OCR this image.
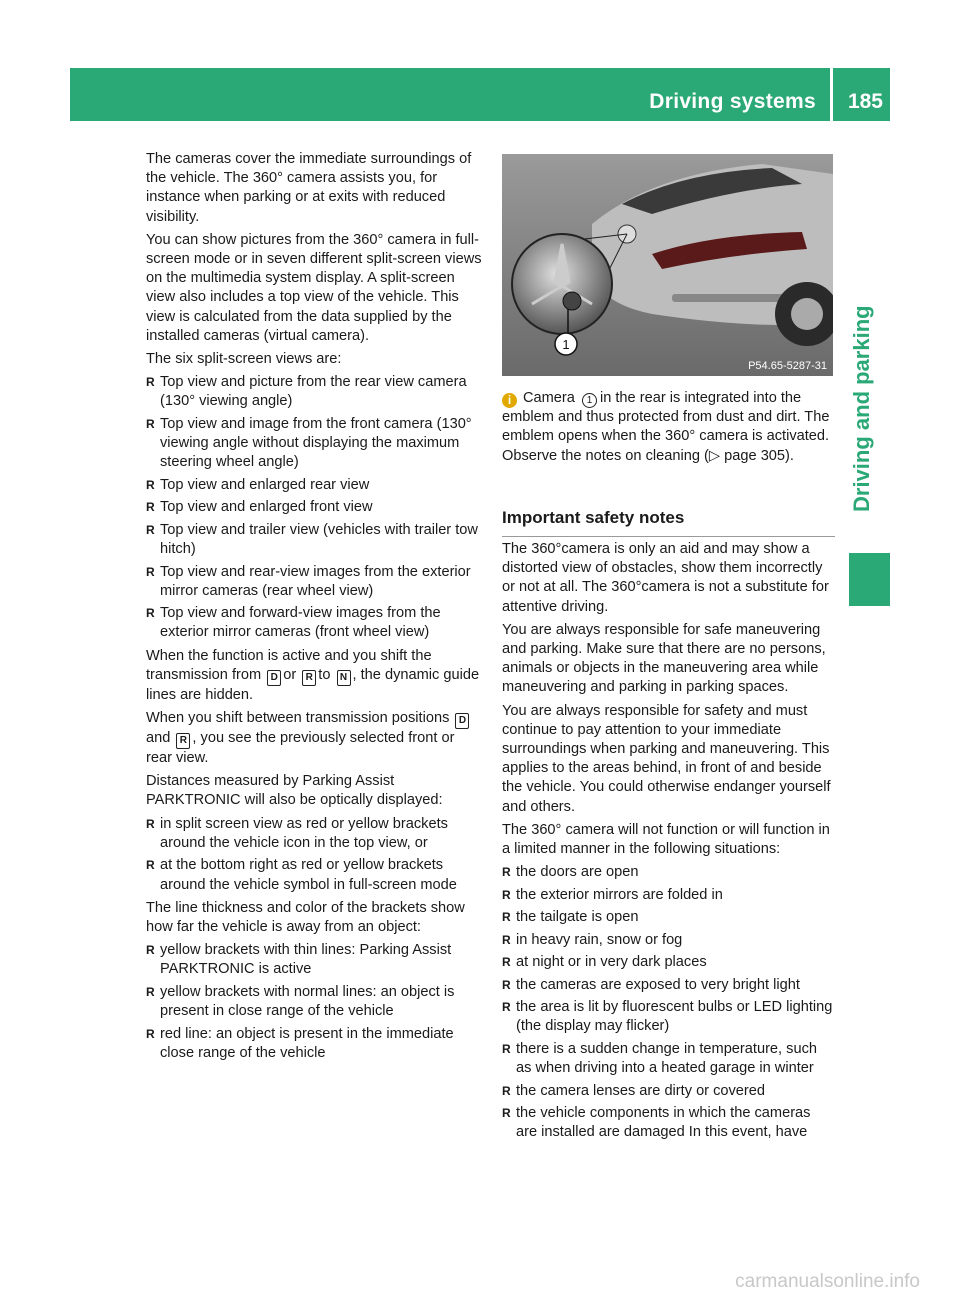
Driving systems 185
Driving and parking

The cameras cover the immediate surroundings of the vehicle. The 360° camera assists you, for instance when parking or at exits with reduced visibility.

You can show pictures from the 360° camera in full-screen mode or in seven different split-screen views on the multimedia system display. A split-screen view also includes a top view of the vehicle. This view is calculated from the data supplied by the installed cameras (virtual camera).

The six split-screen views are:

R Top view and picture from the rear view camera (130° viewing angle)
R Top view and image from the front camera (130° viewing angle without displaying the maximum steering wheel angle)
R Top view and enlarged rear view
R Top view and enlarged front view
R Top view and trailer view (vehicles with trailer tow hitch)
R Top view and rear-view images from the exterior mirror cameras (rear wheel view)
R Top view and forward-view images from the exterior mirror cameras (front wheel view)

When the function is active and you shift the transmission from D or R to N , the dynamic guide lines are hidden.

When you shift between transmission positions Dand R , you see the previously selected front or rear view.

Distances measured by Parking Assist PARKTRONIC will also be optically displayed:

R in split screen view as red or yellow brackets around the vehicle icon in the top view, or
R at the bottom right as red or yellow brackets around the vehicle symbol in full-screen mode

The line thickness and color of the brackets show how far the vehicle is away from an object:

R yellow brackets with thin lines: Parking Assist PARKTRONIC is active
R yellow brackets with normal lines: an object is present in close range of the vehicle
R red line: an object is present in the immediate close range of the vehicle
1
P54.65-5287-31
i Camera 1 in the rear is integrated into the emblem and thus protected from dust and dirt. The emblem opens when the 360° camera is activated. Observe the notes on cleaning (▷ page 305).
Important safety notes

The 360°camera is only an aid and may show a distorted view of obstacles, show them incorrectly or not at all. The 360°camera is not a substitute for attentive driving.

You are always responsible for safe maneuvering and parking. Make sure that there are no persons, animals or objects in the maneuvering area while maneuvering and parking in parking spaces.

You are always responsible for safety and must continue to pay attention to your immediate surroundings when parking and maneuvering. This applies to the areas behind, in front of and beside the vehicle. You could otherwise endanger yourself and others.

The 360° camera will not function or will function in a limited manner in the following situations:

R the doors are open
R the exterior mirrors are folded in
R the tailgate is open
R in heavy rain, snow or fog
R at night or in very dark places
R the cameras are exposed to very bright light
R the area is lit by fluorescent bulbs or LED lighting (the display may flicker)
R there is a sudden change in temperature, such as when driving into a heated garage in winter
R the camera lenses are dirty or covered
R the vehicle components in which the cameras are installed are damaged In this event, have
carmanualsonline.info
